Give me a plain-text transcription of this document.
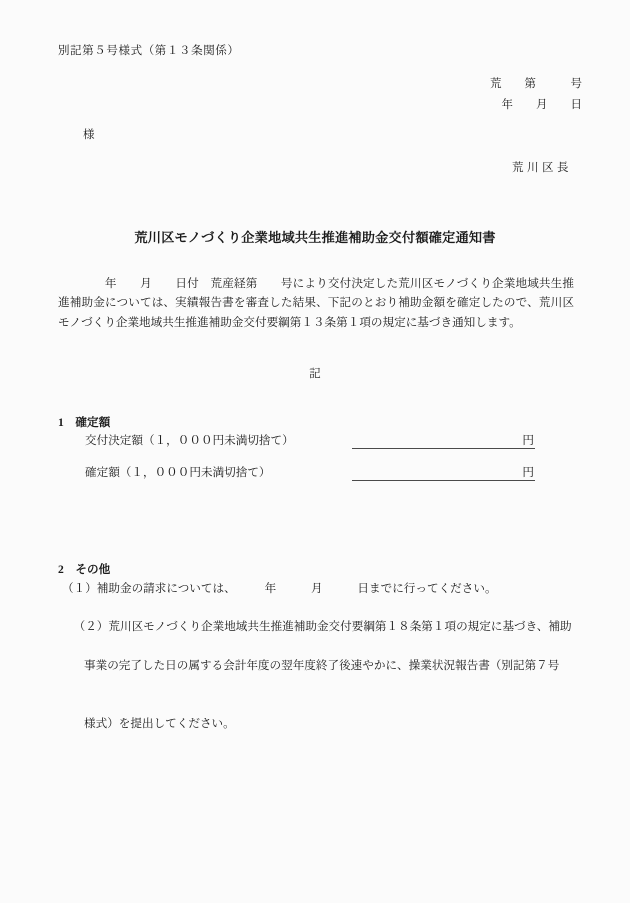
別記第５号様式（第１３条関係）
荒　　第　　　号
年　　月　　日
様
荒川区長
荒川区モノづくり企業地域共生推進補助金交付額確定通知書
　　　　年　　月　　日付　荒産経第　　号により交付決定した荒川区モノづくり企業地域共生推進補助金については、実績報告書を審査した結果、下記のとおり補助金額を確定したので、荒川区モノづくり企業地域共生推進補助金交付要綱第１３条第１項の規定に基づき通知します。
記
1　確定額
交付決定額（１，０００円未満切捨て）	円
確定額（１，０００円未満切捨て）	円
2　その他
（１）補助金の請求については、　　　年　　　月　　　日までに行ってください。

（２）荒川区モノづくり企業地域共生推進補助金交付要綱第１８条第１項の規定に基づき、補助

事業の完了した日の属する会計年度の翌年度終了後速やかに、操業状況報告書（別記第７号

様式）を提出してください。
